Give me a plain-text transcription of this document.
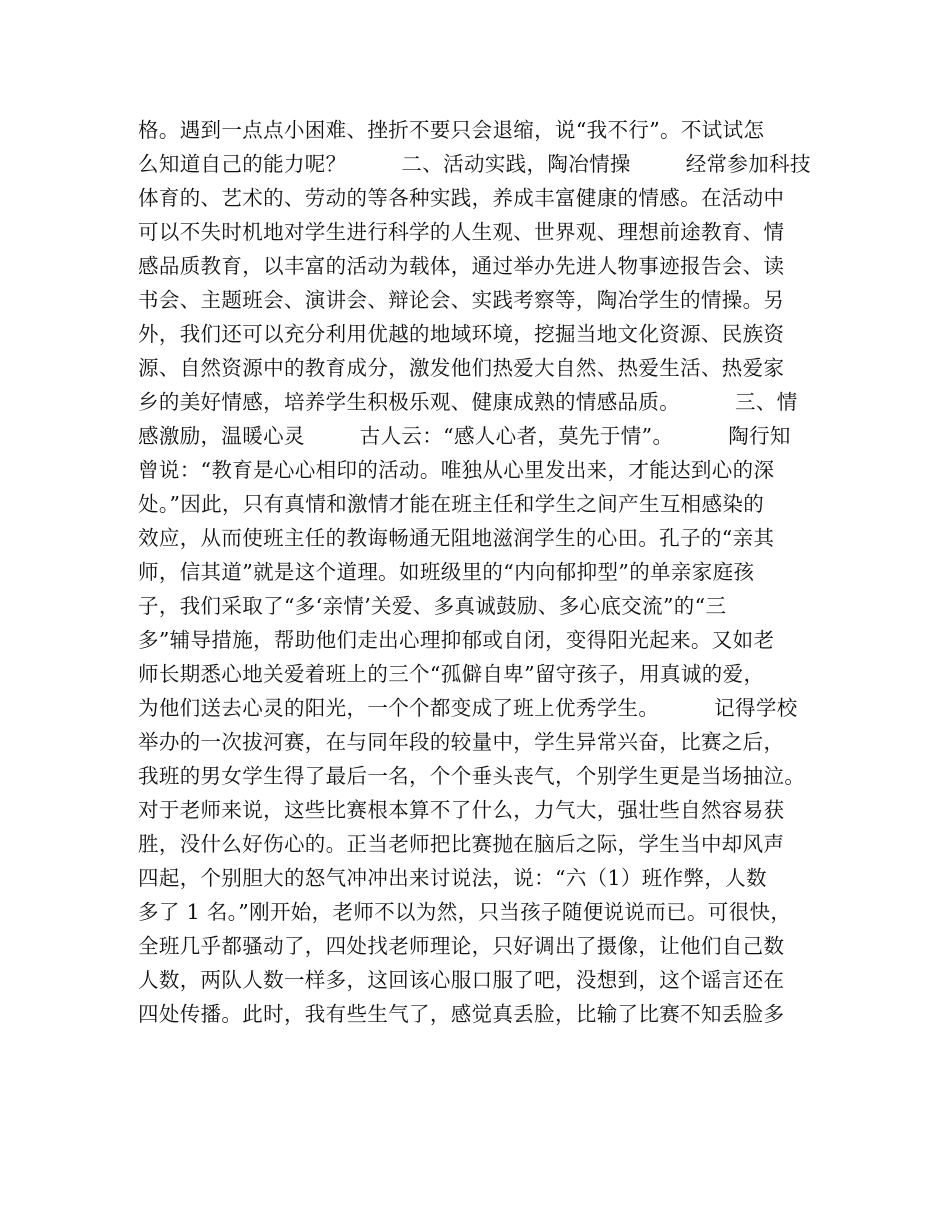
格。遇到一点点小困难、挫折不要只会退缩，说“我不行”。不试试怎
么知道自己的能力呢？        二、活动实践，陶冶情操        经常参加科技
体育的、艺术的、劳动的等各种实践，养成丰富健康的情感。在活动中
可以不失时机地对学生进行科学的人生观、世界观、理想前途教育、情
感品质教育，以丰富的活动为载体，通过举办先进人物事迹报告会、读
书会、主题班会、演讲会、辩论会、实践考察等，陶冶学生的情操。另
外，我们还可以充分利用优越的地域环境，挖掘当地文化资源、民族资
源、自然资源中的教育成分，激发他们热爱大自然、热爱生活、热爱家
乡的美好情感，培养学生积极乐观、健康成熟的情感品质。        三、情
感激励，温暖心灵        古人云：“感人心者，莫先于情”。        陶行知
曾说：“教育是心心相印的活动。唯独从心里发出来，才能达到心的深
处。”因此，只有真情和激情才能在班主任和学生之间产生互相感染的
效应，从而使班主任的教诲畅通无阻地滋润学生的心田。孔子的“亲其
师，信其道”就是这个道理。如班级里的“内向郁抑型”的单亲家庭孩
子，我们采取了“多‘亲情’关爱、多真诚鼓励、多心底交流”的“三
多”辅导措施，帮助他们走出心理抑郁或自闭，变得阳光起来。又如老
师长期悉心地关爱着班上的三个“孤僻自卑”留守孩子，用真诚的爱，
为他们送去心灵的阳光，一个个都变成了班上优秀学生。        记得学校
举办的一次拔河赛，在与同年段的较量中，学生异常兴奋，比赛之后，
我班的男女学生得了最后一名，个个垂头丧气，个别学生更是当场抽泣。
对于老师来说，这些比赛根本算不了什么，力气大，强壮些自然容易获
胜，没什么好伤心的。正当老师把比赛抛在脑后之际，学生当中却风声
四起，个别胆大的怒气冲冲出来讨说法，说：“六（1）班作弊，人数
多了 1 名。”刚开始，老师不以为然，只当孩子随便说说而已。可很快，
全班几乎都骚动了，四处找老师理论，只好调出了摄像，让他们自己数
人数，两队人数一样多，这回该心服口服了吧，没想到，这个谣言还在
四处传播。此时，我有些生气了，感觉真丢脸，比输了比赛不知丢脸多
